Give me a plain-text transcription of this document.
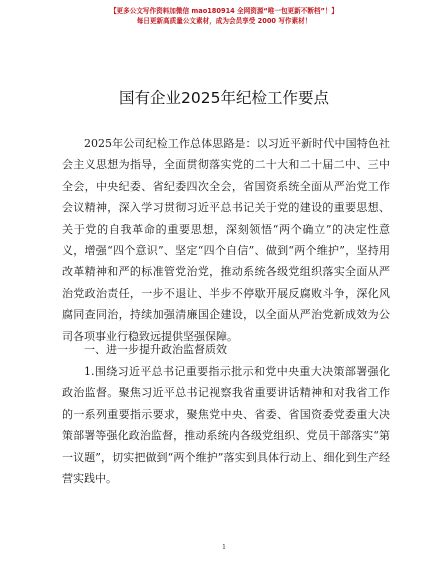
【更多公文写作资料加微信 mao180914 全网资源“唯一包更新不断档”！】
每日更新高质量公文素材，成为会员享受 2000 写作素材！
国有企业2025年纪检工作要点

2025年公司纪检工作总体思路是：以习近平新时代中国特色社会主义思想为指导，全面贯彻落实党的二十大和二十届二中、三中全会，中央纪委、省纪委四次全会，省国资系统全面从严治党工作会议精神，深入学习贯彻习近平总书记关于党的建设的重要思想、关于党的自我革命的重要思想，深刻领悟“两个确立”的决定性意义，增强“四个意识”、坚定“四个自信”、做到“两个维护”，坚持用改革精神和严的标准管党治党，推动系统各级党组织落实全面从严治党政治责任，一步不退让、半步不停歇开展反腐败斗争，深化风腐同查同治，持续加强清廉国企建设，以全面从严治党新成效为公司各项事业行稳致远提供坚强保障。

一、进一步提升政治监督质效

1.围绕习近平总书记重要指示批示和党中央重大决策部署强化政治监督。聚焦习近平总书记视察我省重要讲话精神和对我省工作的一系列重要指示要求，聚焦党中央、省委、省国资委党委重大决策部署等强化政治监督，推动系统内各级党组织、党员干部落实“第一议题”，切实把做到“两个维护”落实到具体行动上、细化到生产经营实践中。

1
